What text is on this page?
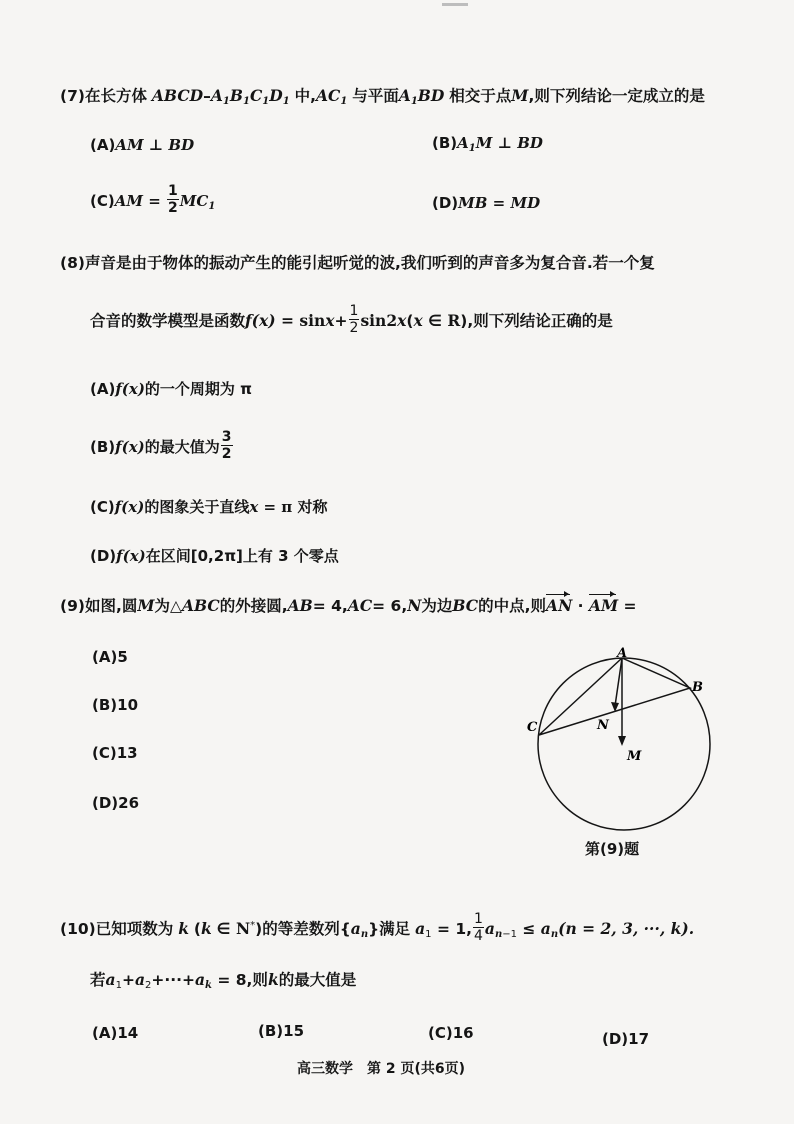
(7)在长方体 ABCD–$A_1B_1C_1D_1$ 中$,AC_1$ 与平面$A_1BD$ 相交于点M,则下列结论一定成立的是
(A)AM ⊥ BD	$(B)A_1M$ ⊥ BD
$(C)AM = \frac{1}{2} MC_1$	(D)MB = MD
(8)声音是由于物体的振动产生的能引起听觉的波,我们听到的声音多为复合音.若一个复
合音的数学模型是函数$f(x) = \sin x+ \frac{1}{2} \sin 2x(x$ ∈ R),则下列结论正确的是
(A)f(x)的一个周期为 π
(B)f(x)的最大值为 $\frac{3}{2}$
(C)f(x)的图象关于直线x = π 对称
(D)f(x)在区间[0,2π]上有 3 个零点
(9)如图,圆M为△ABC的外接圆,AB= 4,AC= 6,N为边BC的中点,则AN · AM =
(A)5
(B)10
(C)13
(D)26
A
B
C	N
M
第(9)题
(10)已知项数为 k (k ∈ N*)的等差数列$\{a_n\}$满足 $a_1 = 1$, $\frac{1}{4} a_{n-1} \le a_n(n = 2$, 3, ···, k).
若$a_1+a_2+\cdot\cdot\cdot+a_k = 8$,则k的最大值是
(A)14	(B)15	(C)16	(D)17
高三数学　第 2 页(共6页)
